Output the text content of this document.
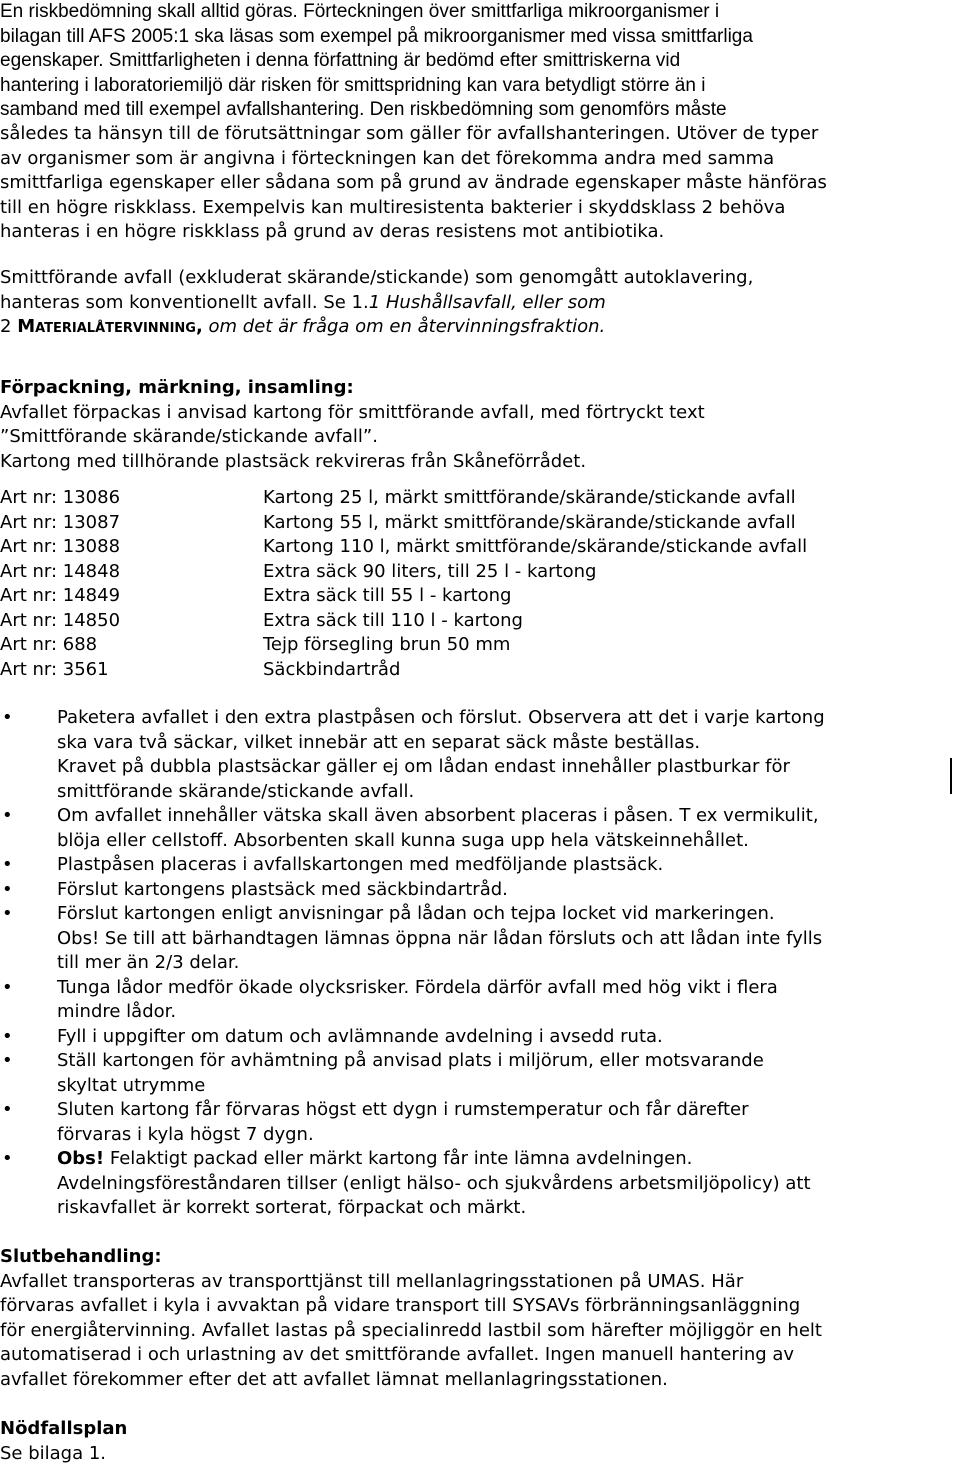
En riskbedömning skall alltid göras. Förteckningen över smittfarliga mikroorganismer i

bilagan till AFS 2005:1 ska läsas som exempel på mikroorganismer med vissa smittfarliga

egenskaper. Smittfarligheten i denna författning är bedömd efter smittriskerna vid

hantering i laboratoriemiljö där risken för smittspridning kan vara betydligt större än i

samband med till exempel avfallshantering. Den riskbedömning som genomförs måste

således ta hänsyn till de förutsättningar som gäller för avfallshanteringen. Utöver de typer

av organismer som är angivna i förteckningen kan det förekomma andra med samma

smittfarliga egenskaper eller sådana som på grund av ändrade egenskaper måste hänföras

till en högre riskklass. Exempelvis kan multiresistenta bakterier i skyddsklass 2 behöva

hanteras i en högre riskklass på grund av deras resistens mot antibiotika.

Smittförande avfall (exkluderat skärande/stickande) som genomgått autoklavering,

hanteras som konventionellt avfall. Se 1.1 Hushållsavfall, eller som

2 Materialåtervinning, om det är fråga om en återvinningsfraktion.

Förpackning, märkning, insamling:

Avfallet förpackas i anvisad kartong för smittförande avfall, med förtryckt text

”Smittförande skärande/stickande avfall”.

Kartong med tillhörande plastsäck rekvireras från Skåneförrådet.

Art nr: 13086	Kartong 25 l, märkt smittförande/skärande/stickande avfall
Art nr: 13087	Kartong 55 l, märkt smittförande/skärande/stickande avfall
Art nr: 13088	Kartong 110 l, märkt smittförande/skärande/stickande avfall
Art nr: 14848	Extra säck 90 liters, till 25 l - kartong
Art nr: 14849	Extra säck till 55 l - kartong
Art nr: 14850	Extra säck till 110 l - kartong
Art nr: 688	Tejp försegling brun 50 mm
Art nr: 3561	Säckbindartråd
• Paketera avfallet i den extra plastpåsen och förslut. Observera att det i varje kartong

ska vara två säckar, vilket innebär att en separat säck måste beställas.

Kravet på dubbla plastsäckar gäller ej om lådan endast innehåller plastburkar för

smittförande skärande/stickande avfall.

• Om avfallet innehåller vätska skall även absorbent placeras i påsen. T ex vermikulit,

blöja eller cellstoff. Absorbenten skall kunna suga upp hela vätskeinnehållet.

• Plastpåsen placeras i avfallskartongen med medföljande plastsäck.

• Förslut kartongens plastsäck med säckbindartråd.

• Förslut kartongen enligt anvisningar på lådan och tejpa locket vid markeringen.

Obs! Se till att bärhandtagen lämnas öppna när lådan försluts och att lådan inte fylls

till mer än 2/3 delar.

• Tunga lådor medför ökade olycksrisker. Fördela därför avfall med hög vikt i flera

mindre lådor.

• Fyll i uppgifter om datum och avlämnande avdelning i avsedd ruta.

• Ställ kartongen för avhämtning på anvisad plats i miljörum, eller motsvarande

skyltat utrymme

• Sluten kartong får förvaras högst ett dygn i rumstemperatur och får därefter

förvaras i kyla högst 7 dygn.

• Obs! Felaktigt packad eller märkt kartong får inte lämna avdelningen.

Avdelningsföreståndaren tillser (enligt hälso- och sjukvårdens arbetsmiljöpolicy) att

riskavfallet är korrekt sorterat, förpackat och märkt.

Slutbehandling:

Avfallet transporteras av transporttjänst till mellanlagringsstationen på UMAS. Här

förvaras avfallet i kyla i avvaktan på vidare transport till SYSAVs förbränningsanläggning

för energiåtervinning. Avfallet lastas på specialinredd lastbil som härefter möjliggör en helt

automatiserad i och urlastning av det smittförande avfallet. Ingen manuell hantering av

avfallet förekommer efter det att avfallet lämnat mellanlagringsstationen.

Nödfallsplan

Se bilaga 1.
